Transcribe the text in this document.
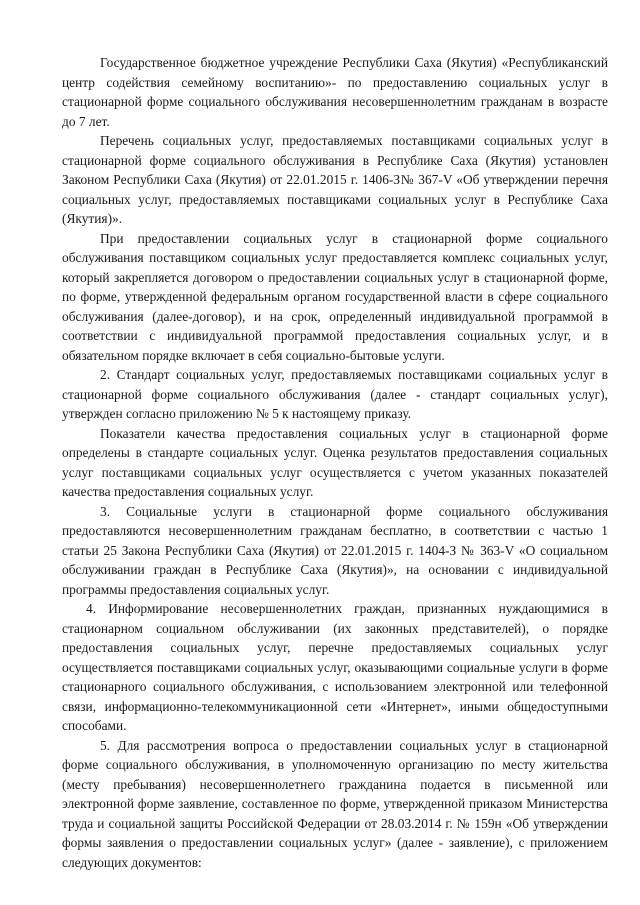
Государственное бюджетное учреждение Республики Саха (Якутия) «Республиканский центр содействия семейному воспитанию»- по предоставлению социальных услуг в стационарной форме социального обслуживания несовершеннолетним гражданам в возрасте до 7 лет.

Перечень социальных услуг, предоставляемых поставщиками социальных услуг в стационарной форме социального обслуживания в Республике Саха (Якутия) установлен Законом Республики Саха (Якутия) от 22.01.2015 г. 1406-З№ 367-V «Об утверждении перечня социальных услуг, предоставляемых поставщиками социальных услуг в Республике Саха (Якутия)».

При предоставлении социальных услуг в стационарной форме социального обслуживания поставщиком социальных услуг предоставляется комплекс социальных услуг, который закрепляется договором о предоставлении социальных услуг в стационарной форме, по форме, утвержденной федеральным органом государственной власти в сфере социального обслуживания (далее-договор), и на срок, определенный индивидуальной программой в соответствии с индивидуальной программой предоставления социальных услуг, и в обязательном порядке включает в себя социально-бытовые услуги.

2. Стандарт социальных услуг, предоставляемых поставщиками социальных услуг в стационарной форме социального обслуживания (далее - стандарт социальных услуг), утвержден согласно приложению № 5 к настоящему приказу.

Показатели качества предоставления социальных услуг в стационарной форме определены в стандарте социальных услуг. Оценка результатов предоставления социальных услуг поставщиками социальных услуг осуществляется с учетом указанных показателей качества предоставления социальных услуг.

3. Социальные услуги в стационарной форме социального обслуживания предоставляются несовершеннолетним гражданам бесплатно, в соответствии с частью 1 статьи 25 Закона Республики Саха (Якутия) от 22.01.2015 г. 1404-З № 363-V «О социальном обслуживании граждан в Республике Саха (Якутия)», на основании с индивидуальной программы предоставления социальных услуг.

4. Информирование несовершеннолетних граждан, признанных нуждающимися в стационарном социальном обслуживании (их законных представителей), о порядке предоставления социальных услуг, перечне предоставляемых социальных услуг осуществляется поставщиками социальных услуг, оказывающими социальные услуги в форме стационарного социального обслуживания, с использованием электронной или телефонной связи, информационно-телекоммуникационной сети «Интернет», иными общедоступными способами.

5. Для рассмотрения вопроса о предоставлении социальных услуг в стационарной форме социального обслуживания, в уполномоченную организацию по месту жительства (месту пребывания) несовершеннолетнего гражданина подается в письменной или электронной форме заявление, составленное по форме, утвержденной приказом Министерства труда и социальной защиты Российской Федерации от 28.03.2014 г. № 159н «Об утверждении формы заявления о предоставлении социальных услуг» (далее - заявление), с приложением следующих документов:
